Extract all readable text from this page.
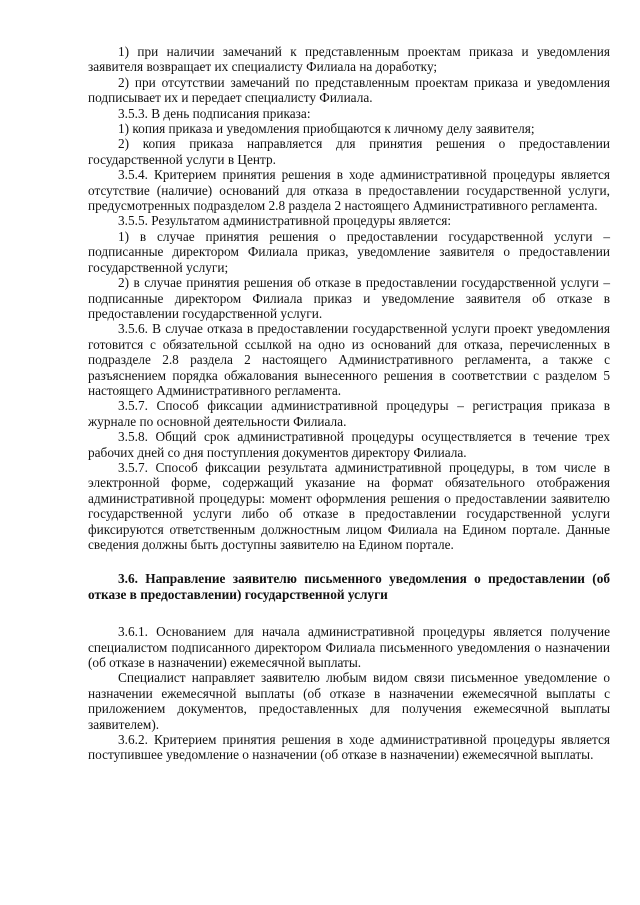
1) при наличии замечаний к представленным проектам приказа и уведомления заявителя возвращает их специалисту Филиала на доработку;

2) при отсутствии замечаний по представленным проектам приказа и уведомления подписывает их и передает специалисту Филиала.

3.5.3. В день подписания приказа:

1) копия приказа и уведомления приобщаются к личному делу заявителя;

2) копия приказа направляется для принятия решения о предоставлении государственной услуги в Центр.

3.5.4. Критерием принятия решения в ходе административной процедуры является отсутствие (наличие) оснований для отказа в предоставлении государственной услуги, предусмотренных подразделом 2.8 раздела 2 настоящего Административного регламента.

3.5.5. Результатом административной процедуры является:

1) в случае принятия решения о предоставлении государственной услуги – подписанные директором Филиала приказ, уведомление заявителя о предоставлении государственной услуги;

2) в случае принятия решения об отказе в предоставлении государственной услуги – подписанные директором Филиала приказ и уведомление заявителя об отказе в предоставлении государственной услуги.

3.5.6. В случае отказа в предоставлении государственной услуги проект уведомления готовится с обязательной ссылкой на одно из оснований для отказа, перечисленных в подразделе 2.8 раздела 2 настоящего Административного регламента, а также с разъяснением порядка обжалования вынесенного решения в соответствии с разделом 5 настоящего Административного регламента.

3.5.7. Способ фиксации административной процедуры – регистрация приказа в журнале по основной деятельности Филиала.

3.5.8. Общий срок административной процедуры осуществляется в течение трех рабочих дней со дня поступления документов директору Филиала.

3.5.7. Способ фиксации результата административной процедуры, в том числе в электронной форме, содержащий указание на формат обязательного отображения административной процедуры: момент оформления решения о предоставлении заявителю государственной услуги либо об отказе в предоставлении государственной услуги фиксируются ответственным должностным лицом Филиала на Едином портале. Данные сведения должны быть доступны заявителю на Едином портале.

3.6. Направление заявителю письменного уведомления о предоставлении (об отказе в предоставлении) государственной услуги

3.6.1. Основанием для начала административной процедуры является получение специалистом подписанного директором Филиала письменного уведомления о назначении (об отказе в назначении) ежемесячной выплаты.

Специалист направляет заявителю любым видом связи письменное уведомление о назначении ежемесячной выплаты (об отказе в назначении ежемесячной выплаты с приложением документов, предоставленных для получения ежемесячной выплаты заявителем).

3.6.2. Критерием принятия решения в ходе административной процедуры является поступившее уведомление о назначении (об отказе в назначении) ежемесячной выплаты.
